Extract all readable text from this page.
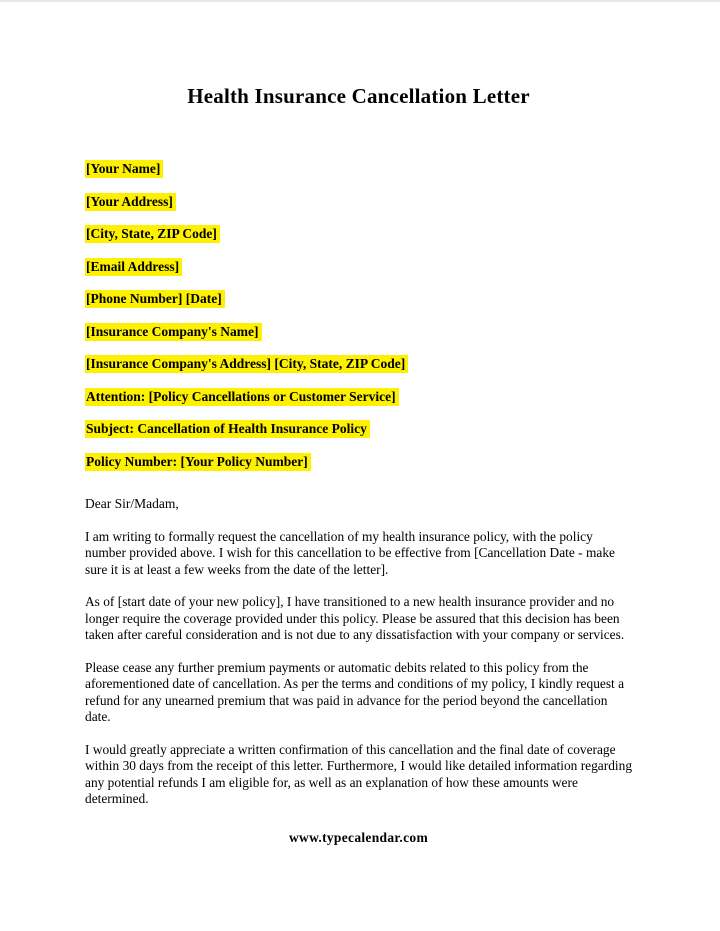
Health Insurance Cancellation Letter
[Your Name]
[Your Address]
[City, State, ZIP Code]
[Email Address]
[Phone Number] [Date]
[Insurance Company's Name]
[Insurance Company's Address] [City, State, ZIP Code]
Attention: [Policy Cancellations or Customer Service]
Subject: Cancellation of Health Insurance Policy
Policy Number: [Your Policy Number]

Dear Sir/Madam,

I am writing to formally request the cancellation of my health insurance policy, with the policy number provided above. I wish for this cancellation to be effective from [Cancellation Date - make sure it is at least a few weeks from the date of the letter].

As of [start date of your new policy], I have transitioned to a new health insurance provider and no longer require the coverage provided under this policy. Please be assured that this decision has been taken after careful consideration and is not due to any dissatisfaction with your company or services.

Please cease any further premium payments or automatic debits related to this policy from the aforementioned date of cancellation. As per the terms and conditions of my policy, I kindly request a refund for any unearned premium that was paid in advance for the period beyond the cancellation date.

I would greatly appreciate a written confirmation of this cancellation and the final date of coverage within 30 days from the receipt of this letter. Furthermore, I would like detailed information regarding any potential refunds I am eligible for, as well as an explanation of how these amounts were determined.

www.typecalendar.com
